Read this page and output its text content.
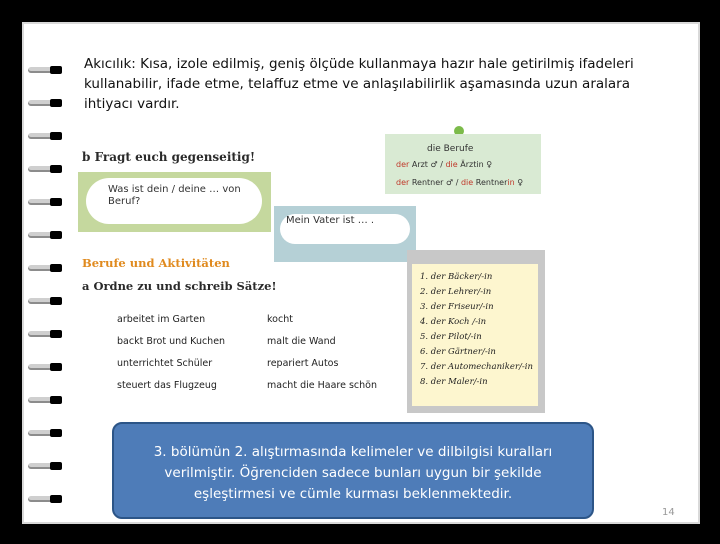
Akıcılık: Kısa, izole edilmiş, geniş ölçüde kullanmaya hazır hale getirilmiş ifadeleri kullanabilir, ifade etme, telaffuz etme ve anlaşılabilirlik aşamasında uzun aralara ihtiyacı vardır.
b Fragt euch gegenseitig!
Was ist dein / deine … von Beruf?
Mein Vater ist … .
die Berufe
der Arzt ♂ / die Ärztin ♀
der Rentner ♂ / die Rentnerin ♀
Berufe und Aktivitäten
a Ordne zu und schreib Sätze!
arbeitet im Garten
backt Brot und Kuchen
unterrichtet Schüler
steuert das Flugzeug
kocht
malt die Wand
repariert Autos
macht die Haare schön
1. der Bäcker/-in
2. der Lehrer/-in
3. der Friseur/-in
4. der Koch /-in
5. der Pilot/-in
6. der Gärtner/-in
7. der Automechaniker/-in
8. der Maler/-in
3. bölümün 2. alıştırmasında kelimeler ve dilbilgisi kuralları verilmiştir. Öğrenciden sadece bunları uygun bir şekilde eşleştirmesi ve cümle kurması beklenmektedir.
14
